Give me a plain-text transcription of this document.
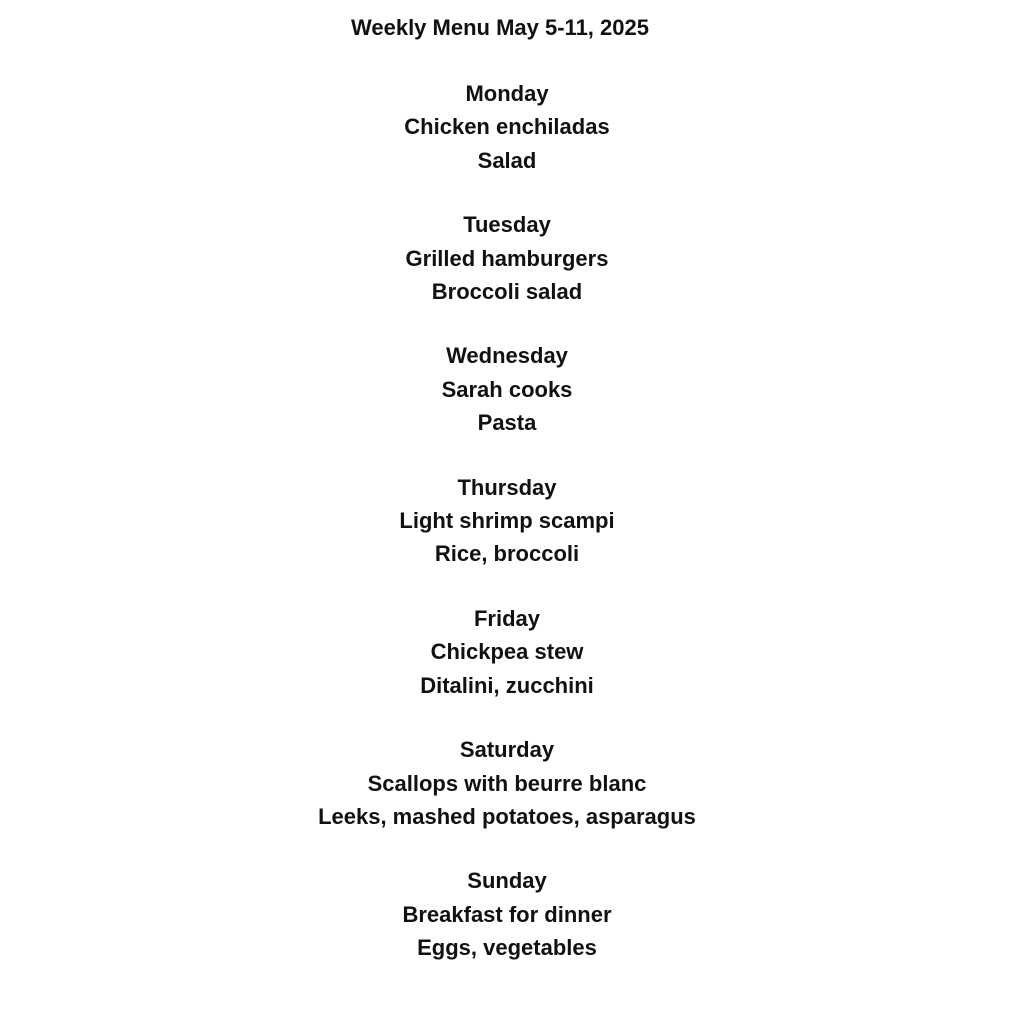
Weekly Menu May 5-11, 2025
Monday
Chicken enchiladas
Salad
Tuesday
Grilled hamburgers
Broccoli salad
Wednesday
Sarah cooks
Pasta
Thursday
Light shrimp scampi
Rice, broccoli
Friday
Chickpea stew
Ditalini, zucchini
Saturday
Scallops with beurre blanc
Leeks, mashed potatoes, asparagus
Sunday
Breakfast for dinner
Eggs, vegetables
